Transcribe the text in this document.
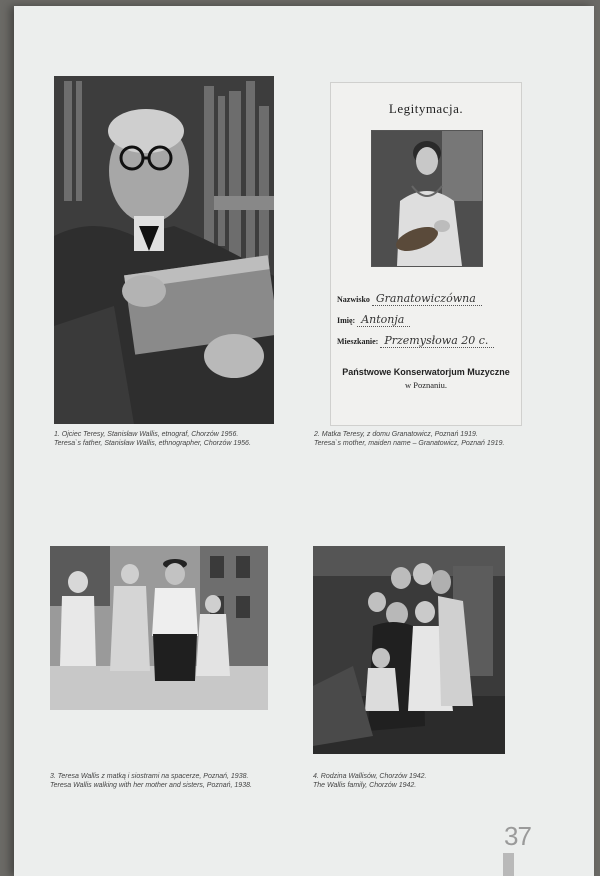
1. Ojciec Teresy, Stanisław Wallis, etnograf, Chorzów 1956.
Teresa`s father, Stanisław Wallis, ethnographer, Chorzów 1956.
Legitymacja.
Nazwisko Granatowiczówna
Imię: Antonja
Mieszkanie: Przemysłowa 20 c.
Państwowe Konserwatorjum Muzyczne
w Poznaniu.
2. Matka Teresy, z domu Granatowicz, Poznań 1919.
Teresa`s mother, maiden name – Granatowicz, Poznań 1919.
3. Teresa Wallis z matką i siostrami na spacerze, Poznań, 1938.
Teresa Wallis walking with her mother and sisters, Poznań, 1938.
4. Rodzina Wallisów, Chorzów 1942.
The Wallis family, Chorzów 1942.
37
